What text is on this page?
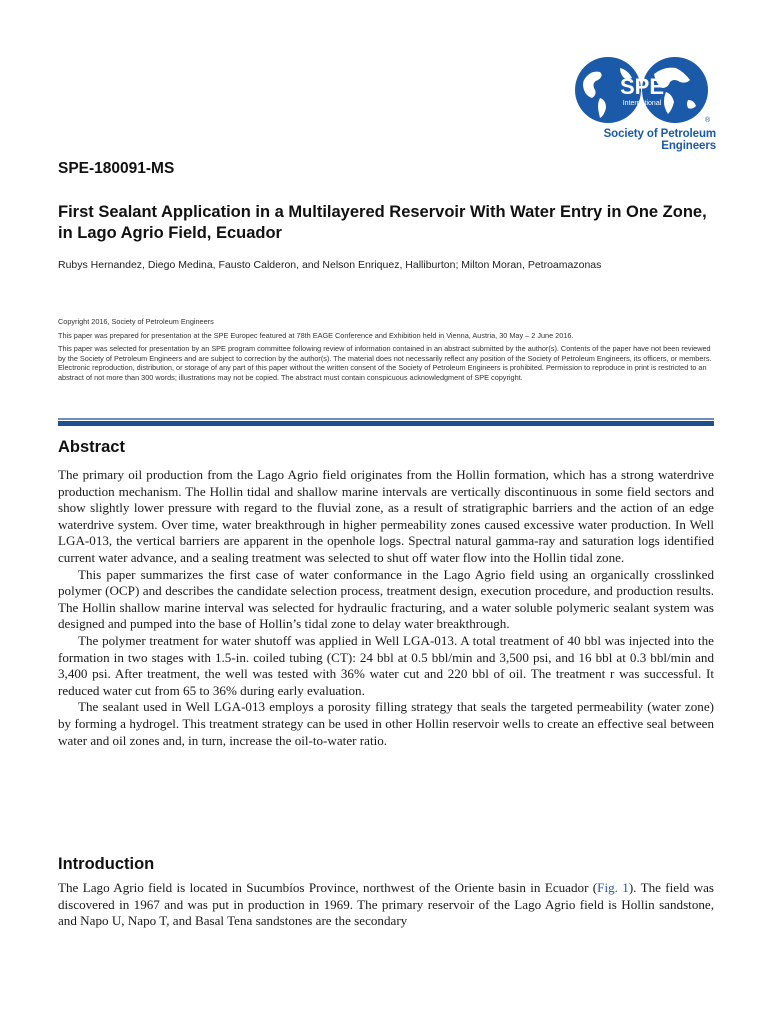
SPE
International
®
Society of Petroleum Engineers
SPE-180091-MS
First Sealant Application in a Multilayered Reservoir With Water Entry in One Zone, in Lago Agrio Field, Ecuador
Rubys Hernandez, Diego Medina, Fausto Calderon, and Nelson Enriquez, Halliburton; Milton Moran, Petroamazonas

Copyright 2016, Society of Petroleum Engineers

This paper was prepared for presentation at the SPE Europec featured at 78th EAGE Conference and Exhibition held in Vienna, Austria, 30 May – 2 June 2016.

This paper was selected for presentation by an SPE program committee following review of information contained in an abstract submitted by the author(s). Contents of the paper have not been reviewed by the Society of Petroleum Engineers and are subject to correction by the author(s). The material does not necessarily reflect any position of the Society of Petroleum Engineers, its officers, or members. Electronic reproduction, distribution, or storage of any part of this paper without the written consent of the Society of Petroleum Engineers is prohibited. Permission to reproduce in print is restricted to an abstract of not more than 300 words; illustrations may not be copied. The abstract must contain conspicuous acknowledgment of SPE copyright.

Abstract

The primary oil production from the Lago Agrio field originates from the Hollin formation, which has a strong waterdrive production mechanism. The Hollin tidal and shallow marine intervals are vertically discontinuous in some field sectors and show slightly lower pressure with regard to the fluvial zone, as a result of stratigraphic barriers and the action of an edge waterdrive system. Over time, water breakthrough in higher permeability zones caused excessive water production. In Well LGA-013, the vertical barriers are apparent in the openhole logs. Spectral natural gamma-ray and saturation logs identified current water advance, and a sealing treatment was selected to shut off water flow into the Hollin tidal zone.

This paper summarizes the first case of water conformance in the Lago Agrio field using an organically crosslinked polymer (OCP) and describes the candidate selection process, treatment design, execution procedure, and production results. The Hollin shallow marine interval was selected for hydraulic fracturing, and a water soluble polymeric sealant system was designed and pumped into the base of Hollin’s tidal zone to delay water breakthrough.

The polymer treatment for water shutoff was applied in Well LGA-013. A total treatment of 40 bbl was injected into the formation in two stages with 1.5-in. coiled tubing (CT): 24 bbl at 0.5 bbl/min and 3,500 psi, and 16 bbl at 0.3 bbl/min and 3,400 psi. After treatment, the well was tested with 36% water cut and 220 bbl of oil. The treatment r was successful. It reduced water cut from 65 to 36% during early evaluation.

The sealant used in Well LGA-013 employs a porosity filling strategy that seals the targeted permeability (water zone) by forming a hydrogel. This treatment strategy can be used in other Hollin reservoir wells to create an effective seal between water and oil zones and, in turn, increase the oil-to-water ratio.

Introduction

The Lago Agrio field is located in Sucumbíos Province, northwest of the Oriente basin in Ecuador (Fig. 1). The field was discovered in 1967 and was put in production in 1969. The primary reservoir of the Lago Agrio field is Hollin sandstone, and Napo U, Napo T, and Basal Tena sandstones are the secondary
